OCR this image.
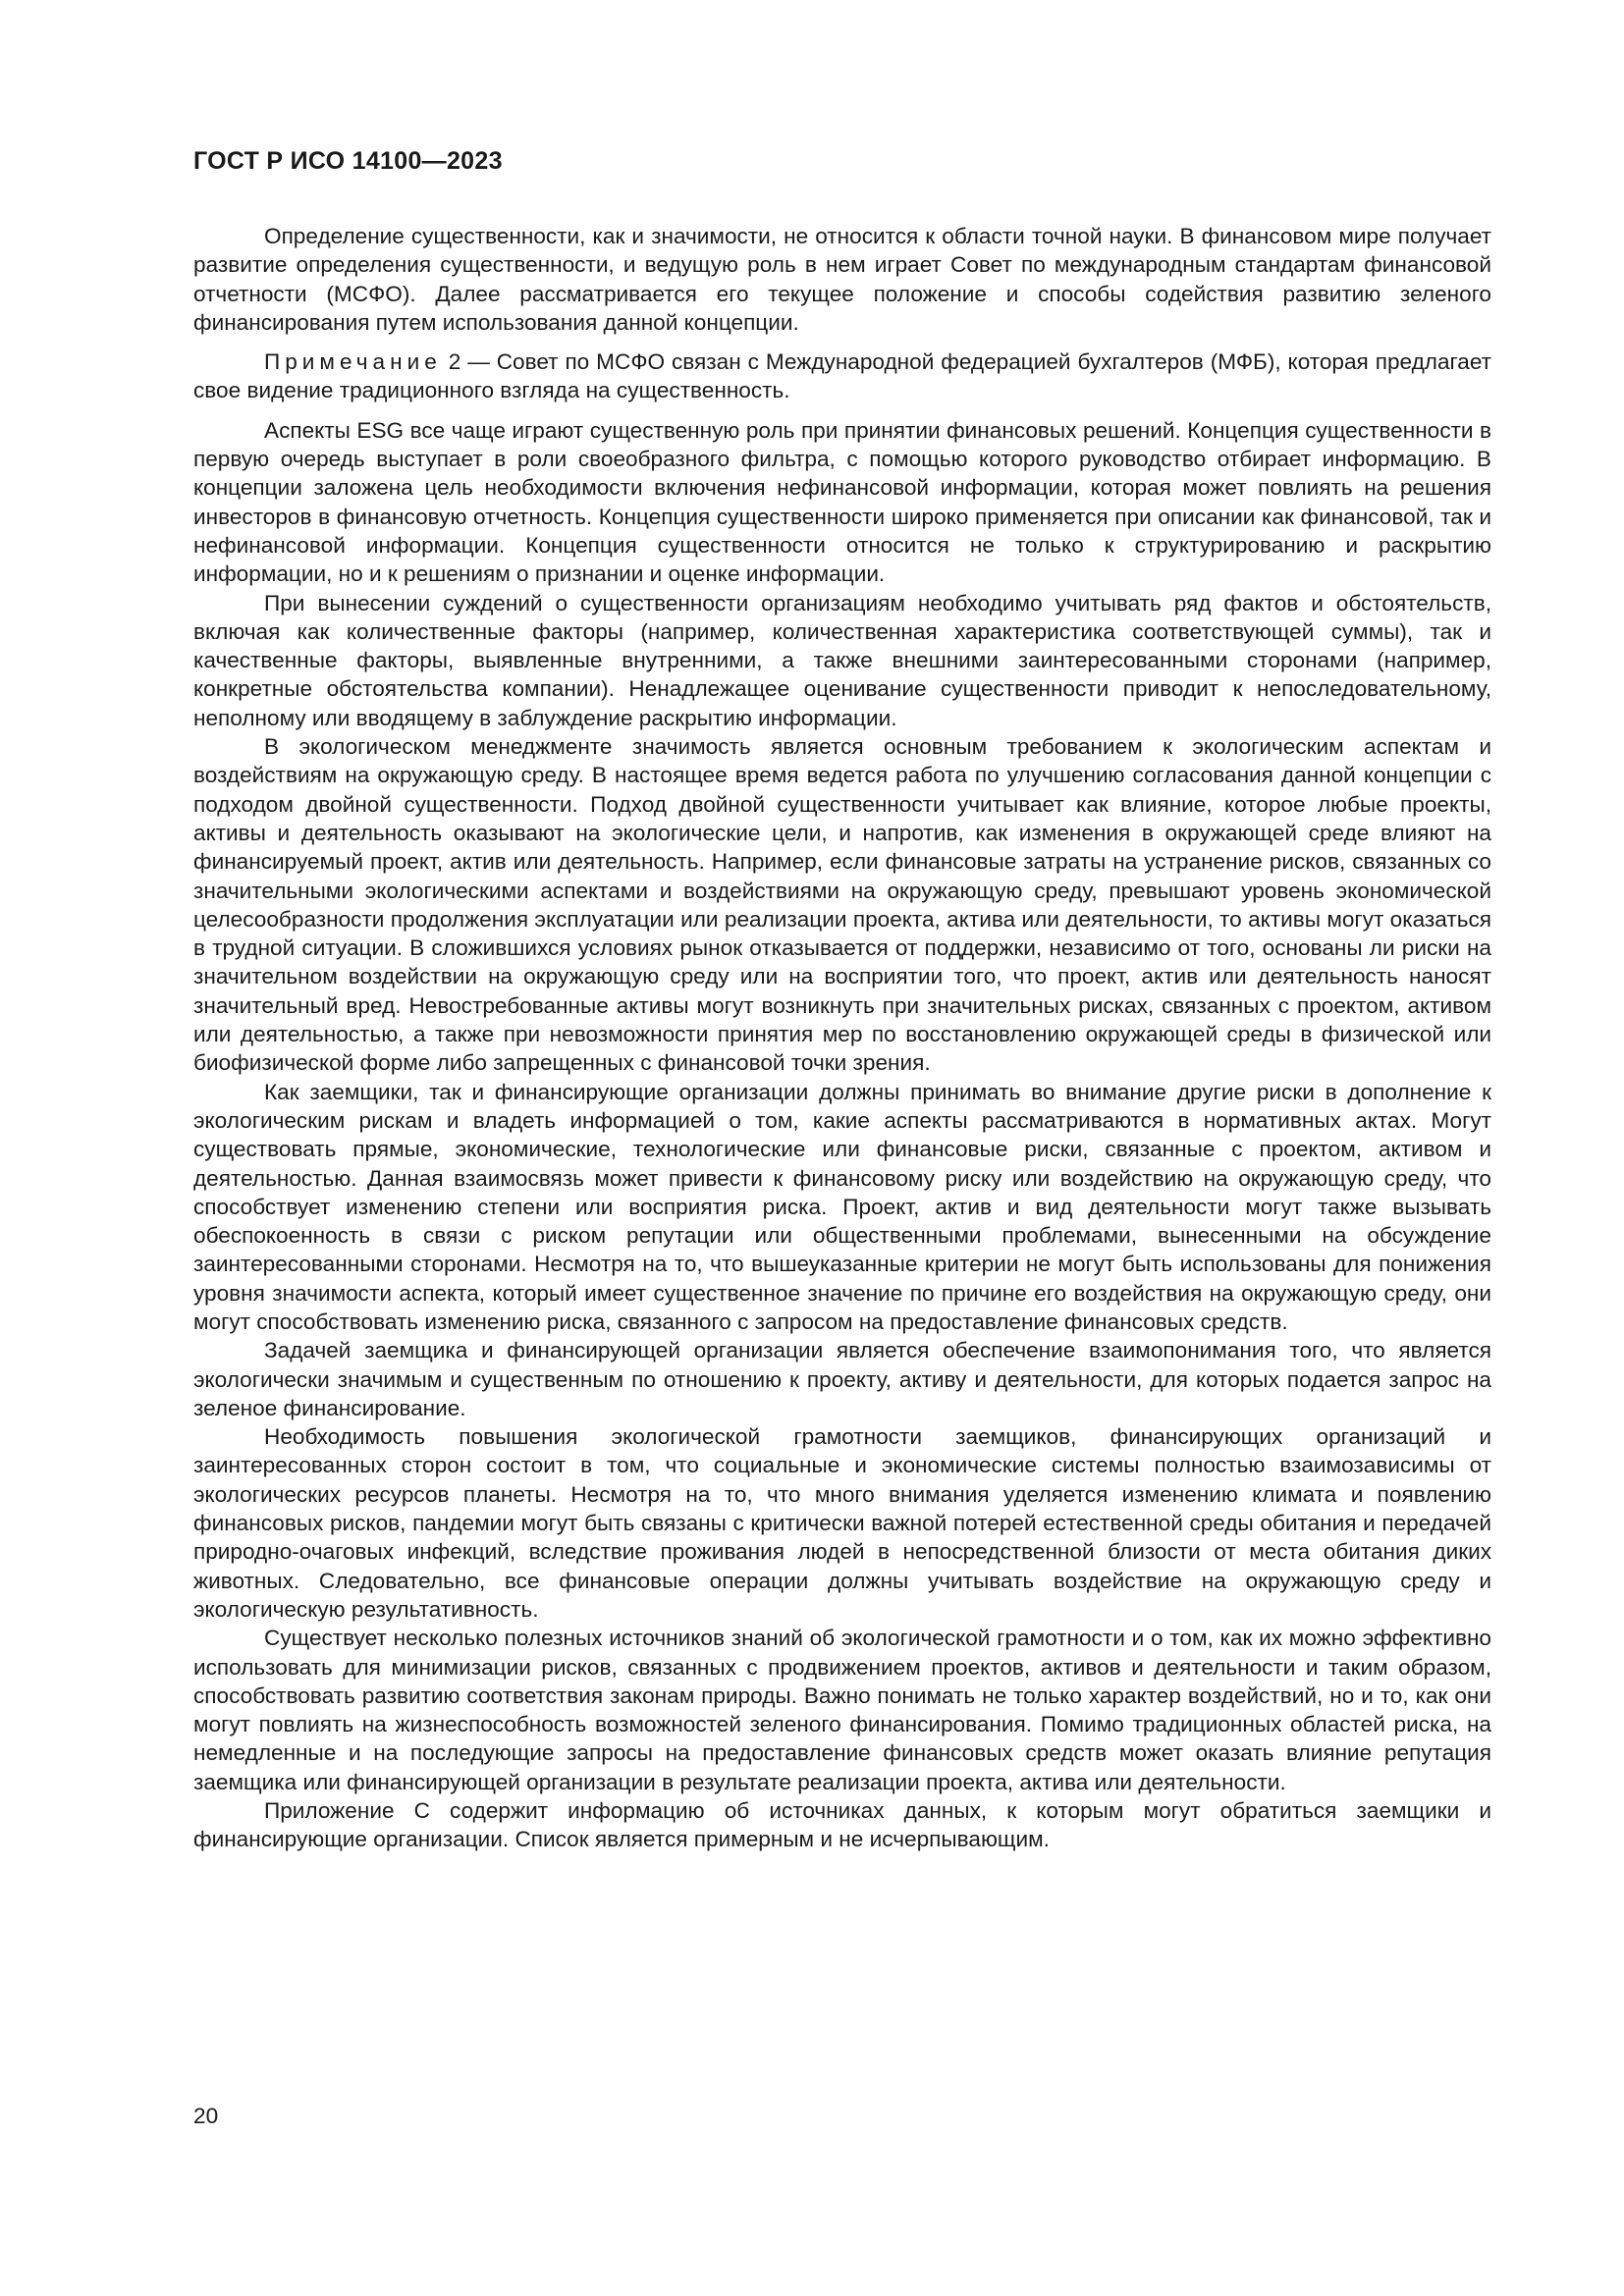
ГОСТ Р ИСО 14100—2023

Определение существенности, как и значимости, не относится к области точной науки. В финансовом мире получает развитие определения существенности, и ведущую роль в нем играет Совет по международным стандартам финансовой отчетности (МСФО). Далее рассматривается его текущее положение и способы содействия развитию зеленого финансирования путем использования данной концепции.

Примечание 2 — Совет по МСФО связан с Международной федерацией бухгалтеров (МФБ), которая предлагает свое видение традиционного взгляда на существенность.

Аспекты ESG все чаще играют существенную роль при принятии финансовых решений. Концепция существенности в первую очередь выступает в роли своеобразного фильтра, с помощью которого руководство отбирает информацию. В концепции заложена цель необходимости включения нефинансовой информации, которая может повлиять на решения инвесторов в финансовую отчетность. Концепция существенности широко применяется при описании как финансовой, так и нефинансовой информации. Концепция существенности относится не только к структурированию и раскрытию информации, но и к решениям о признании и оценке информации.

При вынесении суждений о существенности организациям необходимо учитывать ряд фактов и обстоятельств, включая как количественные факторы (например, количественная характеристика соответствующей суммы), так и качественные факторы, выявленные внутренними, а также внешними заинтересованными сторонами (например, конкретные обстоятельства компании). Ненадлежащее оценивание существенности приводит к непоследовательному, неполному или вводящему в заблуждение раскрытию информации.

В экологическом менеджменте значимость является основным требованием к экологическим аспектам и воздействиям на окружающую среду. В настоящее время ведется работа по улучшению согласования данной концепции с подходом двойной существенности. Подход двойной существенности учитывает как влияние, которое любые проекты, активы и деятельность оказывают на экологические цели, и напротив, как изменения в окружающей среде влияют на финансируемый проект, актив или деятельность. Например, если финансовые затраты на устранение рисков, связанных со значительными экологическими аспектами и воздействиями на окружающую среду, превышают уровень экономической целесообразности продолжения эксплуатации или реализации проекта, актива или деятельности, то активы могут оказаться в трудной ситуации. В сложившихся условиях рынок отказывается от поддержки, независимо от того, основаны ли риски на значительном воздействии на окружающую среду или на восприятии того, что проект, актив или деятельность наносят значительный вред. Невостребованные активы могут возникнуть при значительных рисках, связанных с проектом, активом или деятельностью, а также при невозможности принятия мер по восстановлению окружающей среды в физической или биофизической форме либо запрещенных с финансовой точки зрения.

Как заемщики, так и финансирующие организации должны принимать во внимание другие риски в дополнение к экологическим рискам и владеть информацией о том, какие аспекты рассматриваются в нормативных актах. Могут существовать прямые, экономические, технологические или финансовые риски, связанные с проектом, активом и деятельностью. Данная взаимосвязь может привести к финансовому риску или воздействию на окружающую среду, что способствует изменению степени или восприятия риска. Проект, актив и вид деятельности могут также вызывать обеспокоенность в связи с риском репутации или общественными проблемами, вынесенными на обсуждение заинтересованными сторонами. Несмотря на то, что вышеуказанные критерии не могут быть использованы для понижения уровня значимости аспекта, который имеет существенное значение по причине его воздействия на окружающую среду, они могут способствовать изменению риска, связанного с запросом на предоставление финансовых средств.

Задачей заемщика и финансирующей организации является обеспечение взаимопонимания того, что является экологически значимым и существенным по отношению к проекту, активу и деятельности, для которых подается запрос на зеленое финансирование.

Необходимость повышения экологической грамотности заемщиков, финансирующих организаций и заинтересованных сторон состоит в том, что социальные и экономические системы полностью взаимозависимы от экологических ресурсов планеты. Несмотря на то, что много внимания уделяется изменению климата и появлению финансовых рисков, пандемии могут быть связаны с критически важной потерей естественной среды обитания и передачей природно-очаговых инфекций, вследствие проживания людей в непосредственной близости от места обитания диких животных. Следовательно, все финансовые операции должны учитывать воздействие на окружающую среду и экологическую результативность.

Существует несколько полезных источников знаний об экологической грамотности и о том, как их можно эффективно использовать для минимизации рисков, связанных с продвижением проектов, активов и деятельности и таким образом, способствовать развитию соответствия законам природы. Важно понимать не только характер воздействий, но и то, как они могут повлиять на жизнеспособность возможностей зеленого финансирования. Помимо традиционных областей риска, на немедленные и на последующие запросы на предоставление финансовых средств может оказать влияние репутация заемщика или финансирующей организации в результате реализации проекта, актива или деятельности.

Приложение С содержит информацию об источниках данных, к которым могут обратиться заемщики и финансирующие организации. Список является примерным и не исчерпывающим.

20
